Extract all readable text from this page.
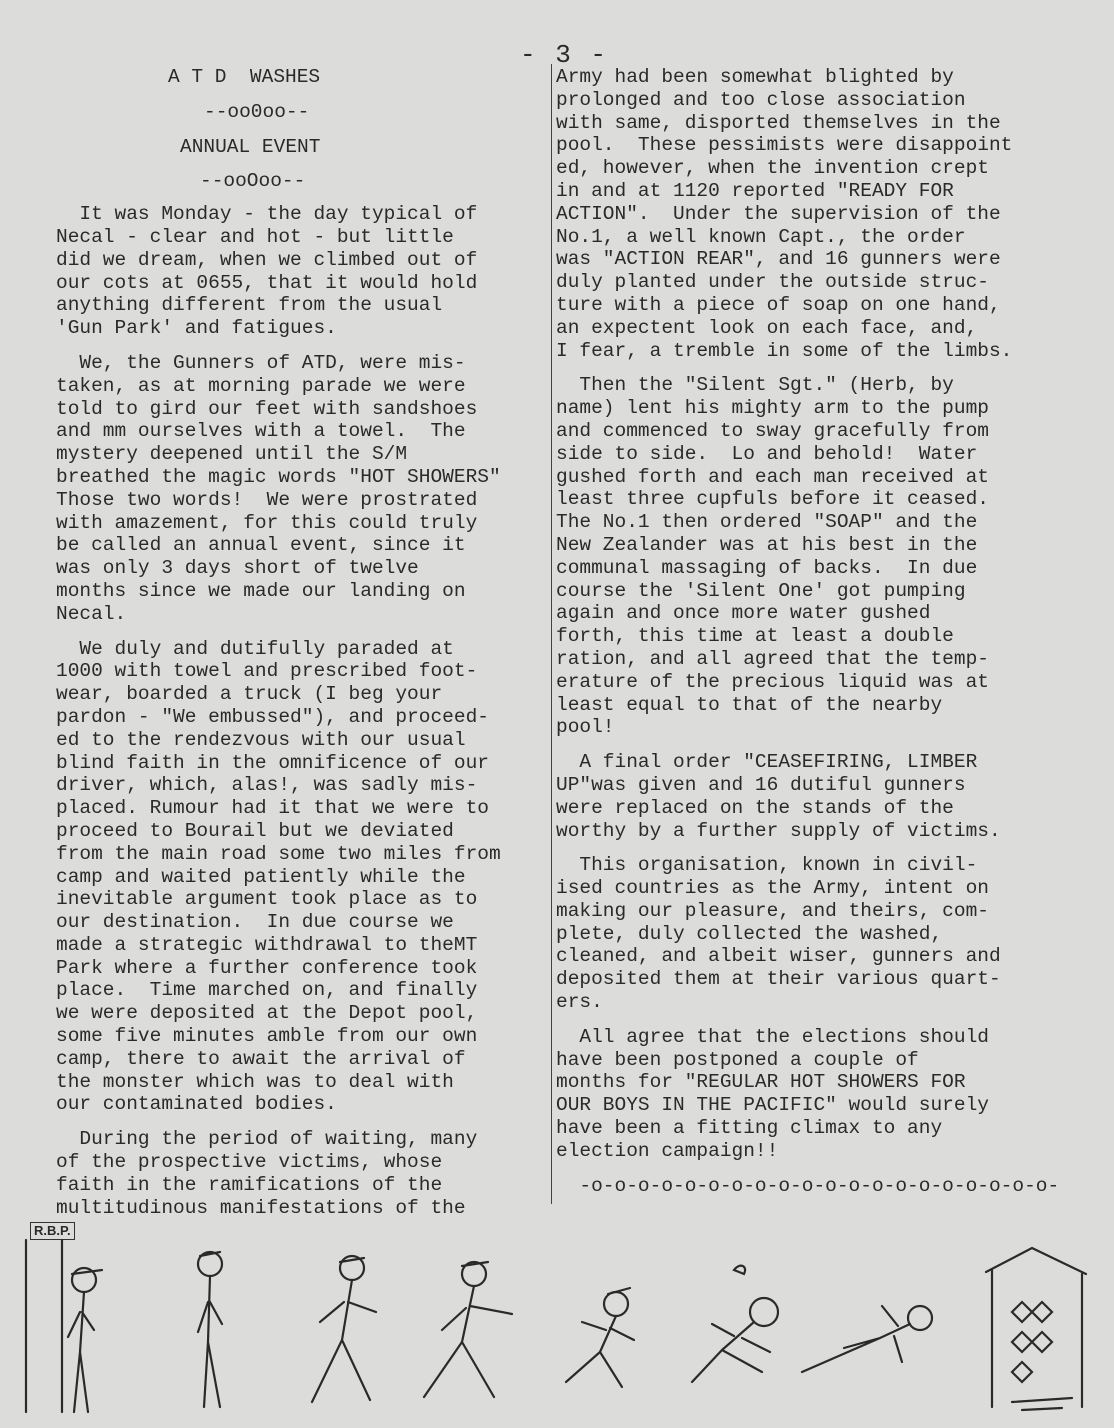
- 3 -

A T D  WASHES

--oo0oo--

ANNUAL EVENT

--ooOoo--

It was Monday - the day typical of
Necal - clear and hot - but little
did we dream, when we climbed out of
our cots at 0655, that it would hold
anything different from the usual
'Gun Park' and fatigues.

We, the Gunners of ATD, were mis-
taken, as at morning parade we were
told to gird our feet with sandshoes
and mm ourselves with a towel.  The
mystery deepened until the S/M
breathed the magic words "HOT SHOWERS"
Those two words!  We were prostrated
with amazement, for this could truly
be called an annual event, since it
was only 3 days short of twelve
months since we made our landing on
Necal.

We duly and dutifully paraded at
1000 with towel and prescribed foot-
wear, boarded a truck (I beg your
pardon - "We embussed"), and proceed-
ed to the rendezvous with our usual
blind faith in the omnificence of our
driver, which, alas!, was sadly mis-
placed. Rumour had it that we were to
proceed to Bourail but we deviated
from the main road some two miles from
camp and waited patiently while the
inevitable argument took place as to
our destination.  In due course we
made a strategic withdrawal to theMT
Park where a further conference took
place.  Time marched on, and finally
we were deposited at the Depot pool,
some five minutes amble from our own
camp, there to await the arrival of
the monster which was to deal with
our contaminated bodies.

During the period of waiting, many
of the prospective victims, whose
faith in the ramifications of the
multitudinous manifestations of the

Army had been somewhat blighted by
prolonged and too close association
with same, disported themselves in the
pool.  These pessimists were disappoint
ed, however, when the invention crept
in and at 1120 reported "READY FOR
ACTION".  Under the supervision of the
No.1, a well known Capt., the order
was "ACTION REAR", and 16 gunners were
duly planted under the outside struc-
ture with a piece of soap on one hand,
an expectent look on each face, and,
I fear, a tremble in some of the limbs.

Then the "Silent Sgt." (Herb, by
name) lent his mighty arm to the pump
and commenced to sway gracefully from
side to side.  Lo and behold!  Water
gushed forth and each man received at
least three cupfuls before it ceased.
The No.1 then ordered "SOAP" and the
New Zealander was at his best in the
communal massaging of backs.  In due
course the 'Silent One' got pumping
again and once more water gushed
forth, this time at least a double
ration, and all agreed that the temp-
erature of the precious liquid was at
least equal to that of the nearby
pool!

A final order "CEASEFIRING, LIMBER
UP"was given and 16 dutiful gunners
were replaced on the stands of the
worthy by a further supply of victims.

This organisation, known in civil-
ised countries as the Army, intent on
making our pleasure, and theirs, com-
plete, duly collected the washed,
cleaned, and albeit wiser, gunners and
deposited them at their various quart-
ers.

All agree that the elections should
have been postponed a couple of
months for "REGULAR HOT SHOWERS FOR
OUR BOYS IN THE PACIFIC" would surely
have been a fitting climax to any
election campaign!!

-o-o-o-o-o-o-o-o-o-o-o-o-o-o-o-o-o-o-o-o-

R.B.P.
